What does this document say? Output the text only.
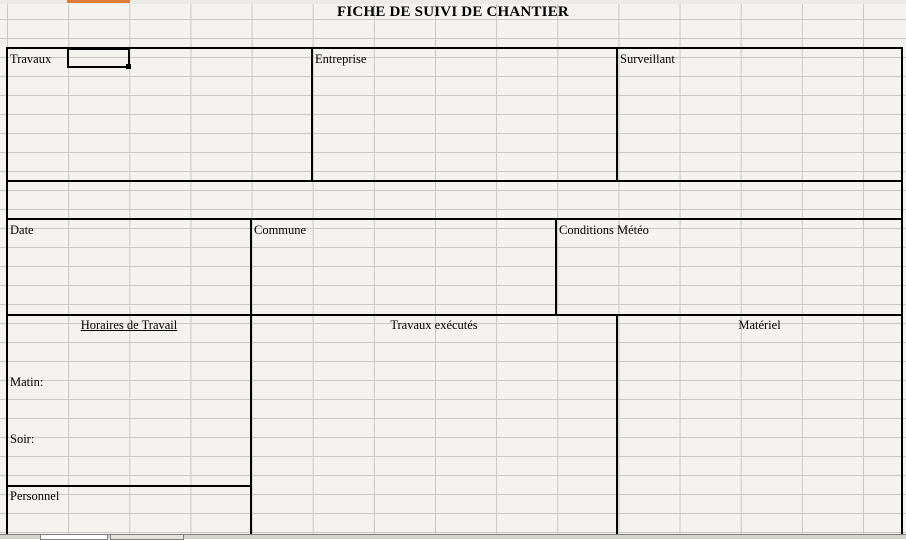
FICHE DE SUIVI DE CHANTIER
Travaux	Entreprise	Surveillant
Date	Commune	Conditions Météo
Horaires de Travail	Travaux exécutés	Matériel
Matin:
Soir:
Personnel
